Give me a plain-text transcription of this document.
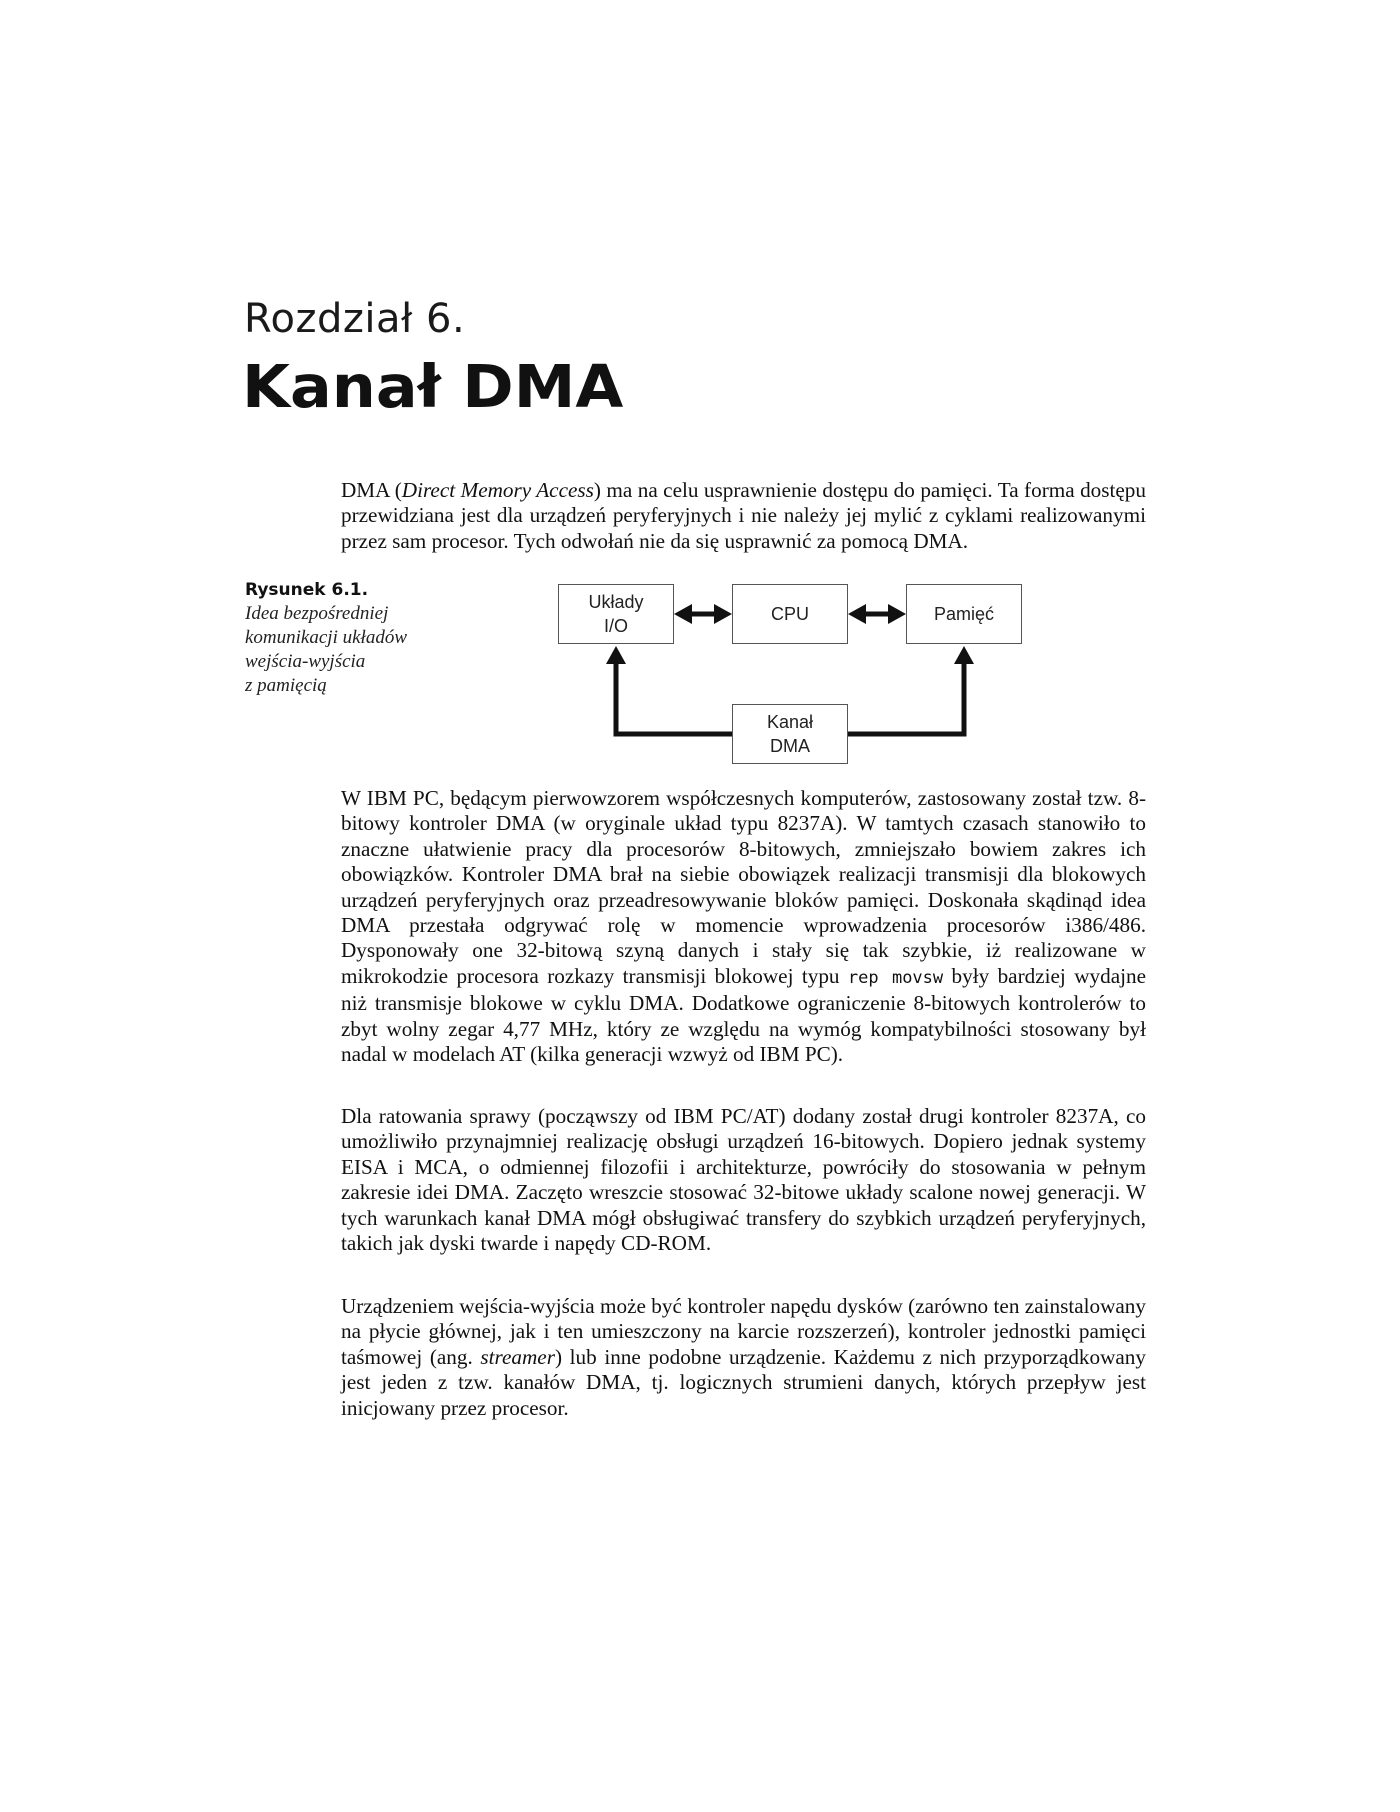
Rozdział 6.
Kanał DMA

DMA (Direct Memory Access) ma na celu usprawnienie dostępu do pamięci. Ta forma dostępu przewidziana jest dla urządzeń peryferyjnych i nie należy jej mylić z cyklami realizowanymi przez sam procesor. Tych odwołań nie da się usprawnić za pomocą DMA.

Rysunek 6.1.

Idea bezpośredniej
komunikacji układów
wejścia-wyjścia
z pamięcią

Układy
I/O
CPU	Pamięć
Kanał
DMA

W IBM PC, będącym pierwowzorem współczesnych komputerów, zastosowany został tzw. 8-bitowy kontroler DMA (w oryginale układ typu 8237A). W tamtych czasach stanowiło to znaczne ułatwienie pracy dla procesorów 8-bitowych, zmniejszało bowiem zakres ich obowiązków. Kontroler DMA brał na siebie obowiązek realizacji transmisji dla blokowych urządzeń peryferyjnych oraz przeadresowywanie bloków pamięci. Doskonała skądinąd idea DMA przestała odgrywać rolę w momencie wprowadzenia procesorów i386/486. Dysponowały one 32-bitową szyną danych i stały się tak szybkie, iż realizowane w mikrokodzie procesora rozkazy transmisji blokowej typu rep movsw były bardziej wydajne niż transmisje blokowe w cyklu DMA. Dodatkowe ograniczenie 8-bitowych kontrolerów to zbyt wolny zegar 4,77 MHz, który ze względu na wymóg kompatybilności stosowany był nadal w modelach AT (kilka generacji wzwyż od IBM PC).

Dla ratowania sprawy (począwszy od IBM PC/AT) dodany został drugi kontroler 8237A, co umożliwiło przynajmniej realizację obsługi urządzeń 16-bitowych. Dopiero jednak systemy EISA i MCA, o odmiennej filozofii i architekturze, powróciły do stosowania w pełnym zakresie idei DMA. Zaczęto wreszcie stosować 32-bitowe układy scalone nowej generacji. W tych warunkach kanał DMA mógł obsługiwać transfery do szybkich urządzeń peryferyjnych, takich jak dyski twarde i napędy CD-ROM.

Urządzeniem wejścia-wyjścia może być kontroler napędu dysków (zarówno ten zainstalowany na płycie głównej, jak i ten umieszczony na karcie rozszerzeń), kontroler jednostki pamięci taśmowej (ang. streamer) lub inne podobne urządzenie. Każdemu z nich przyporządkowany jest jeden z tzw. kanałów DMA, tj. logicznych strumieni danych, których przepływ jest inicjowany przez procesor.
